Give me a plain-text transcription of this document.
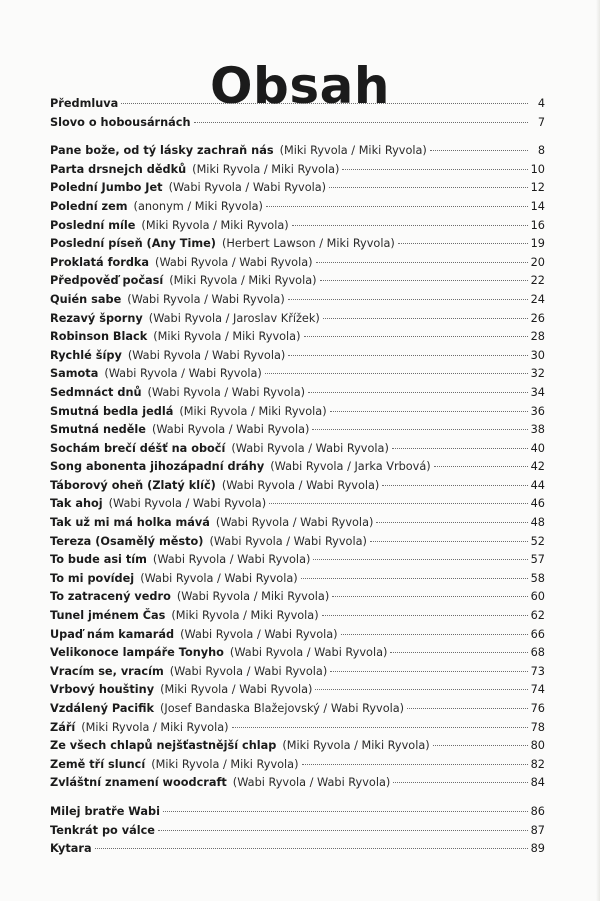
Obsah
Předmluva	4
Slovo o hobousárnách	7
Pane bože, od tý lásky zachraň nás (Miki Ryvola / Miki Ryvola)	8
Parta drsnejch dědků (Miki Ryvola / Miki Ryvola)	10
Polední Jumbo Jet (Wabi Ryvola / Wabi Ryvola)	12
Polední zem (anonym / Miki Ryvola)	14
Poslední míle (Miki Ryvola / Miki Ryvola)	16
Poslední píseň (Any Time) (Herbert Lawson / Miki Ryvola)	19
Proklatá fordka (Wabi Ryvola / Wabi Ryvola)	20
Předpověď počasí (Miki Ryvola / Miki Ryvola)	22
Quién sabe (Wabi Ryvola / Wabi Ryvola)	24
Rezavý šporny (Wabi Ryvola / Jaroslav Křížek)	26
Robinson Black (Miki Ryvola / Miki Ryvola)	28
Rychlé šípy (Wabi Ryvola / Wabi Ryvola)	30
Samota (Wabi Ryvola / Wabi Ryvola)	32
Sedmnáct dnů (Wabi Ryvola / Wabi Ryvola)	34
Smutná bedla jedlá (Miki Ryvola / Miki Ryvola)	36
Smutná neděle (Wabi Ryvola / Wabi Ryvola)	38
Sochám brečí déšť na obočí (Wabi Ryvola / Wabi Ryvola)	40
Song abonenta jihozápadní dráhy (Wabi Ryvola / Jarka Vrbová)	42
Táborový oheň (Zlatý klíč) (Wabi Ryvola / Wabi Ryvola)	44
Tak ahoj (Wabi Ryvola / Wabi Ryvola)	46
Tak už mi má holka mává (Wabi Ryvola / Wabi Ryvola)	48
Tereza (Osamělý město) (Wabi Ryvola / Wabi Ryvola)	52
To bude asi tím (Wabi Ryvola / Wabi Ryvola)	57
To mi povídej (Wabi Ryvola / Wabi Ryvola)	58
To zatracený vedro (Wabi Ryvola / Miki Ryvola)	60
Tunel jménem Čas (Miki Ryvola / Miki Ryvola)	62
Upaď nám kamarád (Wabi Ryvola / Wabi Ryvola)	66
Velikonoce lampáře Tonyho (Wabi Ryvola / Wabi Ryvola)	68
Vracím se, vracím (Wabi Ryvola / Wabi Ryvola)	73
Vrbový houštiny (Miki Ryvola / Wabi Ryvola)	74
Vzdálený Pacifik (Josef Bandaska Blažejovský / Wabi Ryvola)	76
Září (Miki Ryvola / Miki Ryvola)	78
Ze všech chlapů nejšťastnější chlap (Miki Ryvola / Miki Ryvola)	80
Země tří sluncí (Miki Ryvola / Miki Ryvola)	82
Zvláštní znamení woodcraft (Wabi Ryvola / Wabi Ryvola)	84
Milej bratře Wabi	86
Tenkrát po válce	87
Kytara	89
